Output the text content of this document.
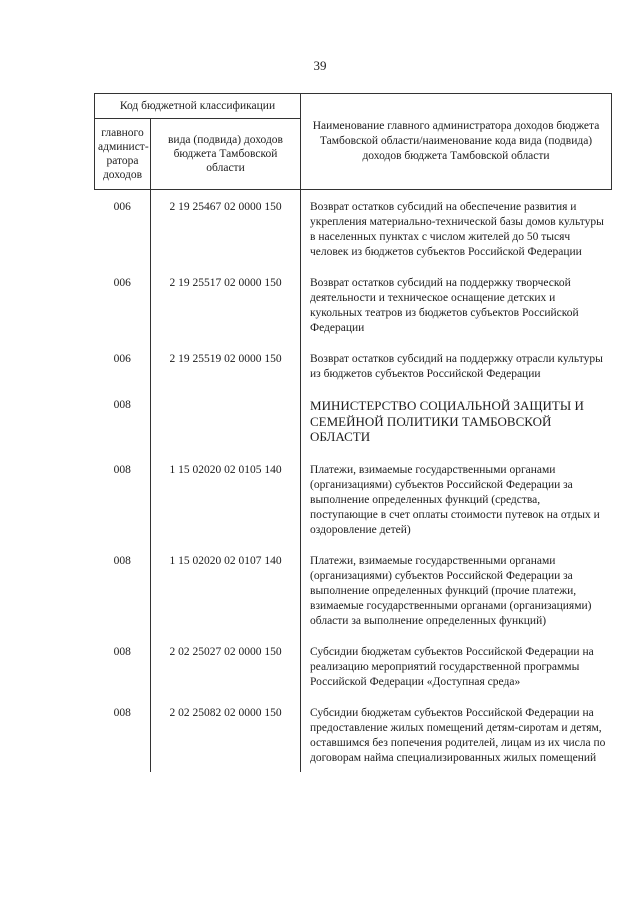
39
Код бюджетной классификации		Наименование главного администратора доходов бюджета Тамбовской области/наименование кода вида (подвида) доходов бюджета Тамбовской области
главного админист-ратора доходов	вида (подвида) доходов бюджета Тамбовской области	
006	2 19 25467 02 0000 150	Возврат остатков субсидий на обеспечение развития и укрепления материально-технической базы домов культуры в населенных пунктах с числом жителей до 50 тысяч человек из бюджетов субъектов Российской Федерации
006	2 19 25517 02 0000 150	Возврат остатков субсидий на поддержку творческой деятельности и техническое оснащение детских и кукольных театров из бюджетов субъектов Российской Федерации
006	2 19 25519 02 0000 150	Возврат остатков субсидий на поддержку отрасли культуры из бюджетов субъектов Российской Федерации
008		МИНИСТЕРСТВО СОЦИАЛЬНОЙ ЗАЩИТЫ И СЕМЕЙНОЙ ПОЛИТИКИ ТАМБОВСКОЙ ОБЛАСТИ
008	1 15 02020 02 0105 140	Платежи, взимаемые государственными органами (организациями) субъектов Российской Федерации за выполнение определенных функций (средства, поступающие в счет оплаты стоимости путевок на отдых и оздоровление детей)
008	1 15 02020 02 0107 140	Платежи, взимаемые государственными органами (организациями) субъектов Российской Федерации за выполнение определенных функций (прочие платежи, взимаемые государственными органами (организациями) области за выполнение определенных функций)
008	2 02 25027 02 0000 150	Субсидии бюджетам субъектов Российской Федерации на реализацию мероприятий государственной программы Российской Федерации «Доступная среда»
008	2 02 25082 02 0000 150	Субсидии бюджетам субъектов Российской Федерации на предоставление жилых помещений детям-сиротам и детям, оставшимся без попечения родителей, лицам из их числа по договорам найма специализированных жилых помещений
